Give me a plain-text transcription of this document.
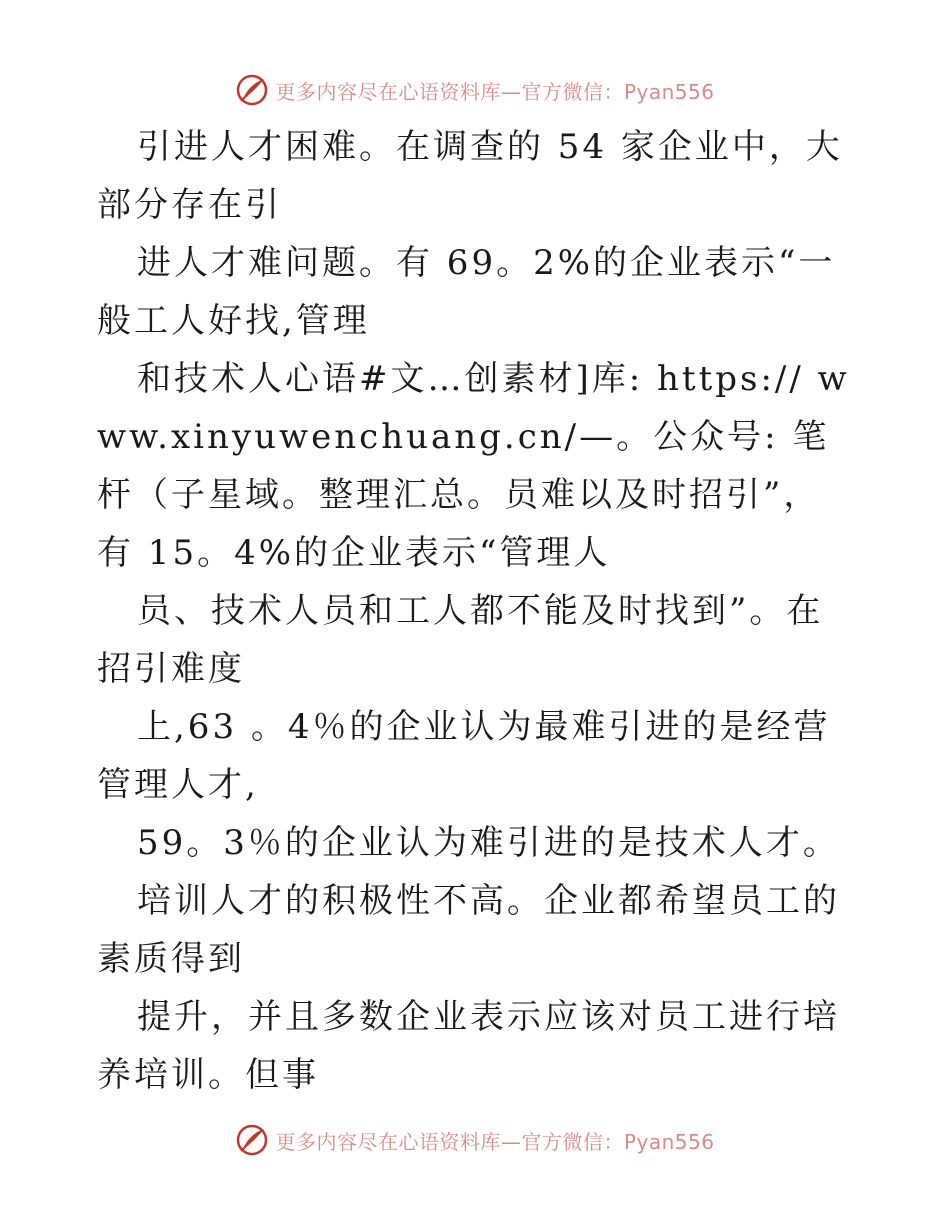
更多内容尽在心语资料库—官方微信：Pyan556

引进人才困难。在调查的 54 家企业中，大部分存在引

进人才难问题。有 69。2%的企业表示“一般工人好找,管理

和技术人心语#文…创素材]库: https:// www.xinyuwenchuang.cn/—。公众号: 笔杆（子星域。整理汇总。员难以及时招引”，有 15。4%的企业表示“管理人

员、技术人员和工人都不能及时找到”。在招引难度

上,63 。4％的企业认为最难引进的是经营管理人才,

59。3％的企业认为难引进的是技术人才。

培训人才的积极性不高。企业都希望员工的素质得到

提升，并且多数企业表示应该对员工进行培养培训。但事

更多内容尽在心语资料库—官方微信：Pyan556
